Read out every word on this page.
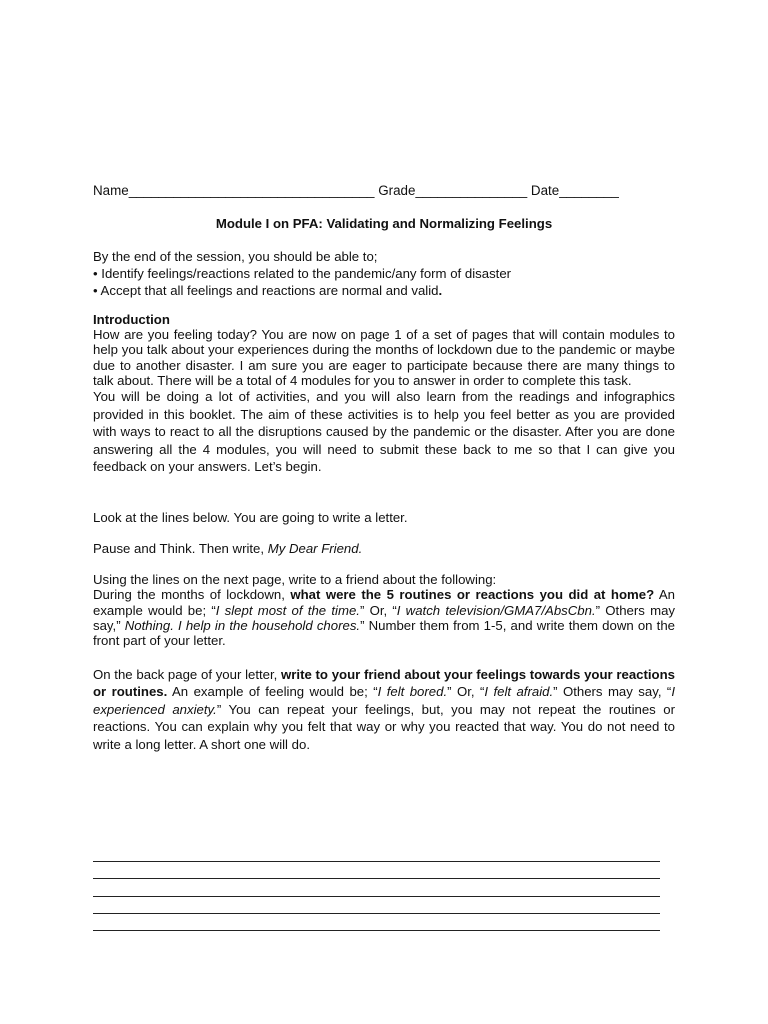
Name_________________________________ Grade_______________ Date________
Module I on PFA: Validating and Normalizing Feelings

By the end of the session, you should be able to;

• Identify feelings/reactions related to the pandemic/any form of disaster

• Accept that all feelings and reactions are normal and valid.

Introduction

How are you feeling today? You are now on page 1 of a set of pages that will contain modules to help you talk about your experiences during the months of lockdown due to the pandemic or maybe due to another disaster. I am sure you are eager to participate because there are many things to talk about. There will be a total of 4 modules for you to answer in order to complete this task.

You will be doing a lot of activities, and you will also learn from the readings and infographics provided in this booklet. The aim of these activities is to help you feel better as you are provided with ways to react to all the disruptions caused by the pandemic or the disaster. After you are done answering all the 4 modules, you will need to submit these back to me so that I can give you feedback on your answers. Let’s begin.

Look at the lines below. You are going to write a letter.
Pause and Think. Then write, My Dear Friend.

Using the lines on the next page, write to a friend about the following:

During the months of lockdown, what were the 5 routines or reactions you did at home? An example would be; “I slept most of the time.” Or, “I watch television/GMA7/AbsCbn.” Others may say,” Nothing. I help in the household chores.” Number them from 1-5, and write them down on the front part of your letter.

On the back page of your letter, write to your friend about your feelings towards your reactions or routines. An example of feeling would be; “I felt bored.” Or, “I felt afraid.” Others may say, “I experienced anxiety.” You can repeat your feelings, but, you may not repeat the routines or reactions. You can explain why you felt that way or why you reacted that way. You do not need to write a long letter. A short one will do.
